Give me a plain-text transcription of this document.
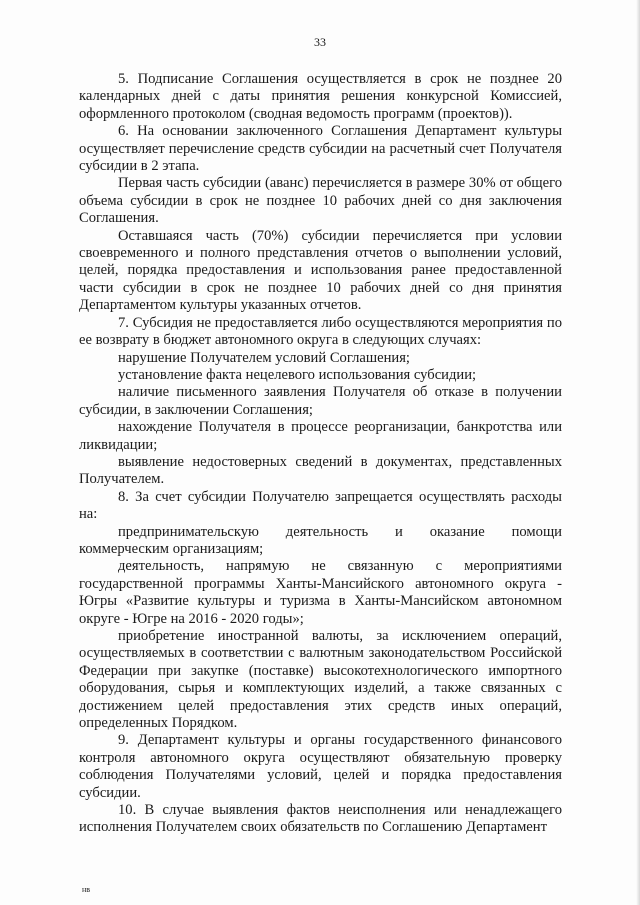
33

5. Подписание Соглашения осуществляется в срок не позднее 20 календарных дней с даты принятия решения конкурсной Комиссией, оформленного протоколом (сводная ведомость программ (проектов)).

6. На основании заключенного Соглашения Департамент культуры осуществляет перечисление средств субсидии на расчетный счет Получателя субсидии в 2 этапа.

Первая часть субсидии (аванс) перечисляется в размере 30% от общего объема субсидии в срок не позднее 10 рабочих дней со дня заключения Соглашения.

Оставшаяся часть (70%) субсидии перечисляется при условии своевременного и полного представления отчетов о выполнении условий, целей, порядка предоставления и использования ранее предоставленной части субсидии в срок не позднее 10 рабочих дней со дня принятия Департаментом культуры указанных отчетов.

7. Субсидия не предоставляется либо осуществляются мероприятия по ее возврату в бюджет автономного округа в следующих случаях:

нарушение Получателем условий Соглашения;

установление факта нецелевого использования субсидии;

наличие письменного заявления Получателя об отказе в получении субсидии, в заключении Соглашения;

нахождение Получателя в процессе реорганизации, банкротства или ликвидации;

выявление недостоверных сведений в документах, представленных Получателем.

8. За счет субсидии Получателю запрещается осуществлять расходы на:

предпринимательскую деятельность и оказание помощи коммерческим организациям;

деятельность, напрямую не связанную с мероприятиями государственной программы Ханты-Мансийского автономного округа - Югры «Развитие культуры и туризма в Ханты-Мансийском автономном округе - Югре на 2016 - 2020 годы»;

приобретение иностранной валюты, за исключением операций, осуществляемых в соответствии с валютным законодательством Российской Федерации при закупке (поставке) высокотехнологического импортного оборудования, сырья и комплектующих изделий, а также связанных с достижением целей предоставления этих средств иных операций, определенных Порядком.

9. Департамент культуры и органы государственного финансового контроля автономного округа осуществляют обязательную проверку соблюдения Получателями условий, целей и порядка предоставления субсидии.

10. В случае выявления фактов неисполнения или ненадлежащего исполнения Получателем своих обязательств по Соглашению Департамент

нв
